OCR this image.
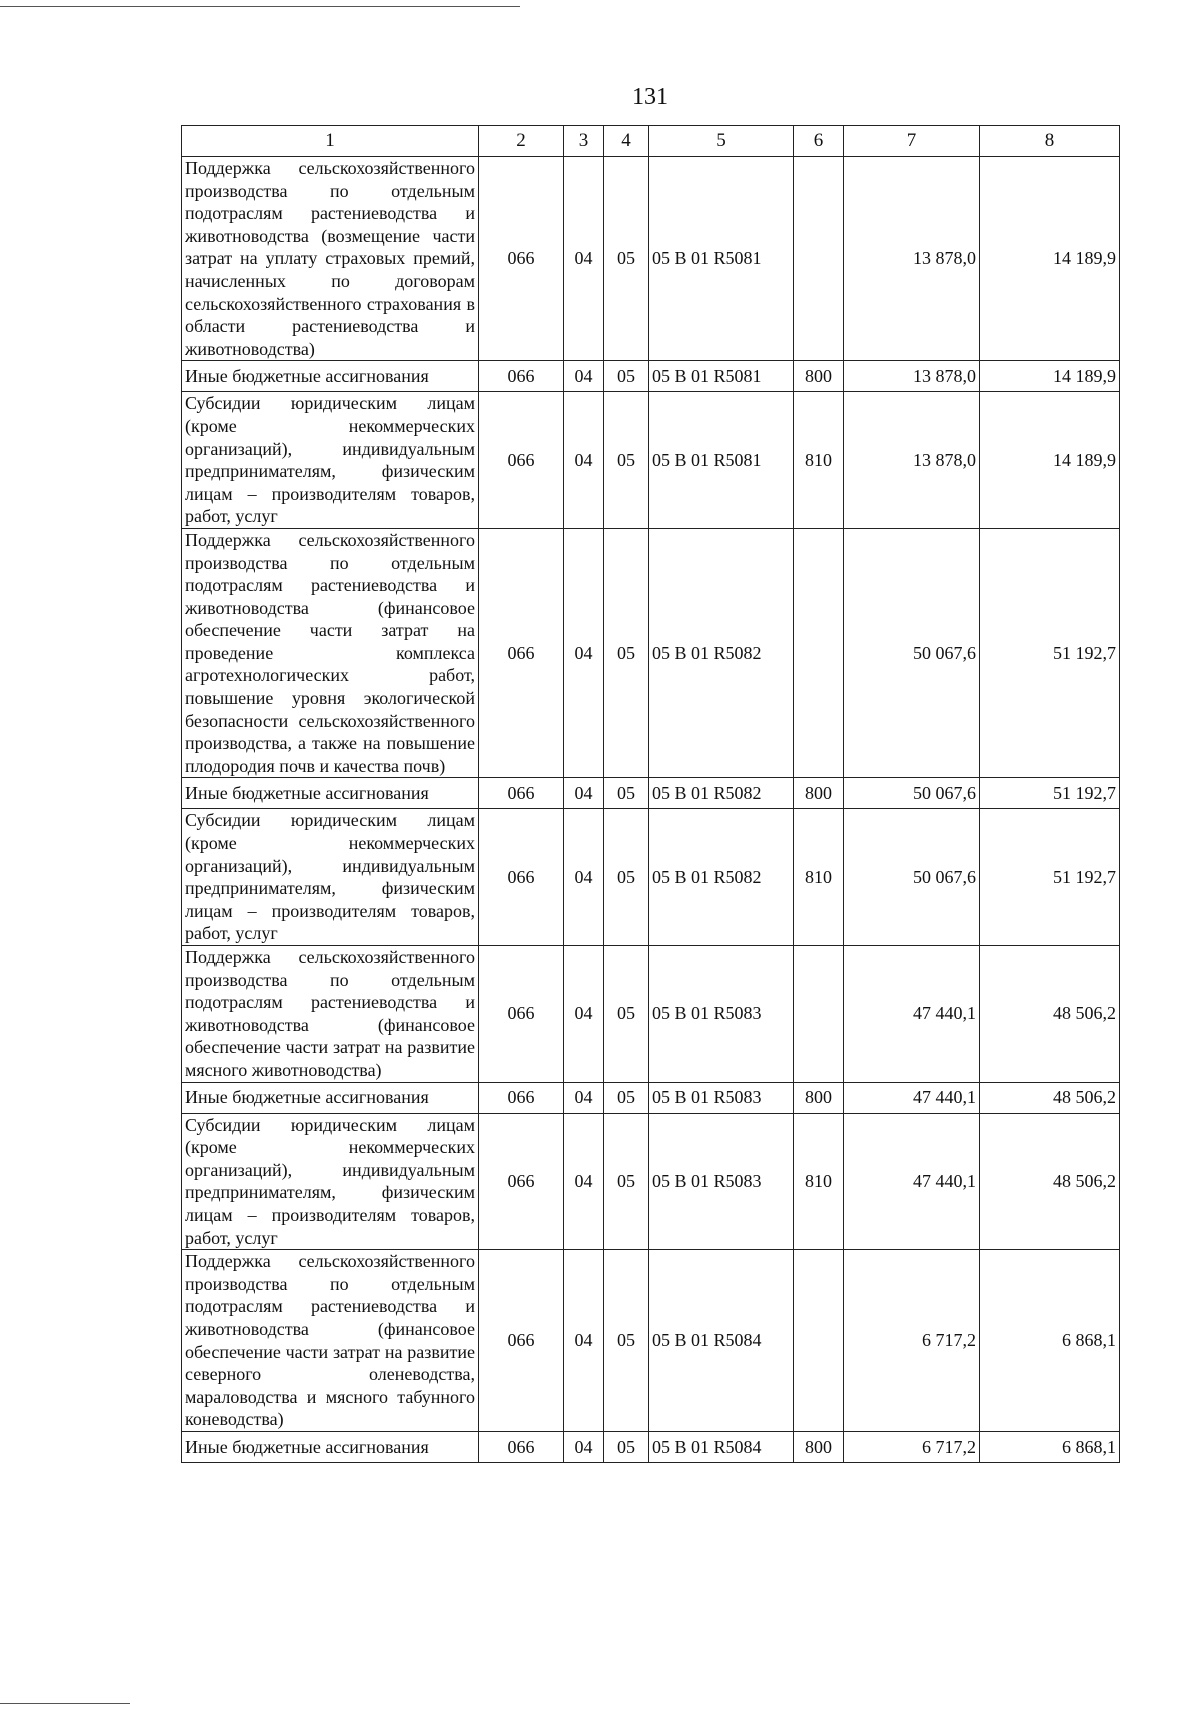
131
1	2	3	4	5	6	7	8
Поддержка сельскохозяйственного производства по отдельным подотраслям растениеводства и животноводства (возмещение части затрат на уплату страховых премий, начисленных по договорам сельскохозяйственного страхования в области растениеводства и животноводства)	066	04	05	05 В 01 R5081		13 878,0	14 189,9
Иные бюджетные ассигнования	066	04	05	05 В 01 R5081	800	13 878,0	14 189,9
Субсидии юридическим лицам (кроме некоммерческих организаций), индивидуальным предпринимателям, физическим лицам – производителям товаров, работ, услуг	066	04	05	05 В 01 R5081	810	13 878,0	14 189,9
Поддержка сельскохозяйственного производства по отдельным подотраслям растениеводства и животноводства (финансовое обеспечение части затрат на проведение комплекса агротехнологических работ, повышение уровня экологической безопасности сельскохозяйственного производства, а также на повышение плодородия почв и качества почв)	066	04	05	05 В 01 R5082		50 067,6	51 192,7
Иные бюджетные ассигнования	066	04	05	05 В 01 R5082	800	50 067,6	51 192,7
Субсидии юридическим лицам (кроме некоммерческих организаций), индивидуальным предпринимателям, физическим лицам – производителям товаров, работ, услуг	066	04	05	05 В 01 R5082	810	50 067,6	51 192,7
Поддержка сельскохозяйственного производства по отдельным подотраслям растениеводства и животноводства (финансовое обеспечение части затрат на развитие мясного животноводства)	066	04	05	05 В 01 R5083		47 440,1	48 506,2
Иные бюджетные ассигнования	066	04	05	05 В 01 R5083	800	47 440,1	48 506,2
Субсидии юридическим лицам (кроме некоммерческих организаций), индивидуальным предпринимателям, физическим лицам – производителям товаров, работ, услуг	066	04	05	05 В 01 R5083	810	47 440,1	48 506,2
Поддержка сельскохозяйственного производства по отдельным подотраслям растениеводства и животноводства (финансовое обеспечение части затрат на развитие северного оленеводства, мараловодства и мясного табунного коневодства)	066	04	05	05 В 01 R5084		6 717,2	6 868,1
Иные бюджетные ассигнования	066	04	05	05 В 01 R5084	800	6 717,2	6 868,1
